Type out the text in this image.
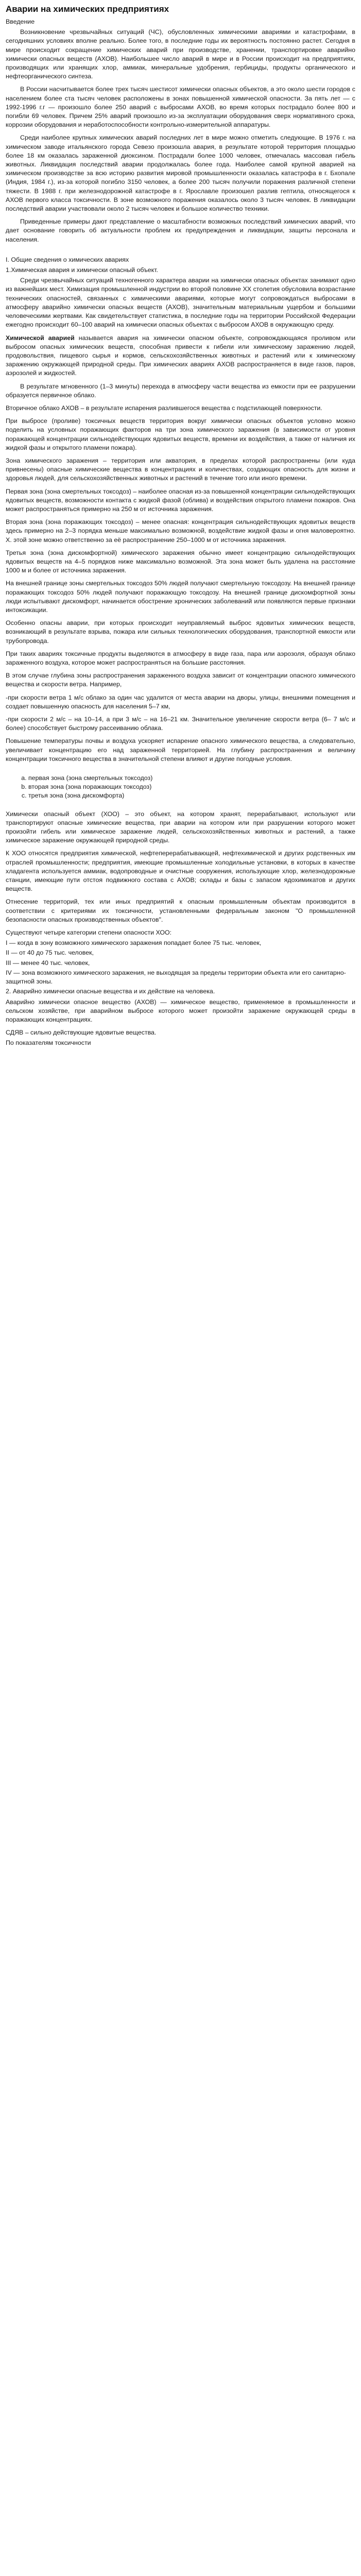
Аварии на химических предприятиях

Введение

Возникновение чрезвычайных ситуаций (ЧС), обусловленных химическими авариями и катастрофами, в сегодняшних условиях вполне реально. Более того, в последние годы их вероятность постоянно растет. Сегодня в мире происходит сокращение химических аварий при производстве, хранении, транспортировке аварийно химически опасных веществ (АХОВ). Наибольшее число аварий в мире и в России происходит на предприятиях, производящих или хранящих хлор, аммиак, минеральные удобрения, гербициды, продукты органического и нефтеорганического синтеза.

В России насчитывается более трех тысяч шестисот химически опасных объектов, а это около шести городов с населением более ста тысяч человек расположены в зонах повышенной химической опасности. За пять лет — с 1992-1996 г.г — произошло более 250 аварий с выбросами АХОВ, во время которых пострадало более 800 и погибли 69 человек. Причем 25% аварий произошло из-за эксплуатации оборудования сверх нормативного срока, коррозии оборудования и неработоспособности контрольно-измерительной аппаратуры.

Среди наиболее крупных химических аварий последних лет в мире можно отметить следующие. В 1976 г. на химическом заводе итальянского города Севезо произошла авария, в результате которой территория площадью более 18 км оказалась зараженной диоксином. Пострадали более 1000 человек, отмечалась массовая гибель животных. Ликвидация последствий аварии продолжалась более года. Наиболее самой крупной аварией на химическом производстве за всю историю развития мировой промышленности оказалась катастрофа в г. Бхопале (Индия, 1984 г.), из-за которой погибло 3150 человек, а более 200 тысяч получили поражения различной степени тяжести. В 1988 г. при железнодорожной катастрофе в г. Ярославле произошел разлив гептила, относящегося к АХОВ первого класса токсичности. В зоне возможного поражения оказалось около 3 тысяч человек. В ликвидации последствий аварии участвовали около 2 тысяч человек и большое количество техники.

Приведенные примеры дают представление о масштабности возможных последствий химических аварий, что дает основание говорить об актуальности проблем их предупреждения и ликвидации, защиты персонала и населения.

I. Общие сведения о химических авариях

1.Химическая авария и химически опасный объект.

Среди чрезвычайных ситуаций техногенного характера аварии на химически опасных объектах занимают одно из важнейших мест. Химизация промышленной индустрии во второй половине XX столетия обусловила возрастание технических опасностей, связанных с химическими авариями, которые могут сопровождаться выбросами в атмосферу аварийно химически опасных веществ (АХОВ), значительным материальным ущербом и большими человеческими жертвами. Как свидетельствует статистика, в последние годы на территории Российской Федерации ежегодно происходит 60–100 аварий на химически опасных объектах с выбросом АХОВ в окружающую среду.

Химической аварией называется авария на химически опасном объекте, сопровождающаяся проливом или выбросом опасных химических веществ, способная привести к гибели или химическому заражению людей, продовольствия, пищевого сырья и кормов, сельскохозяйственных животных и растений или к химическому заражению окружающей природной среды. При химических авариях АХОВ распространяется в виде газов, паров, аэрозолей и жидкостей.

В результате мгновенного (1–3 минуты) перехода в атмосферу части вещества из емкости при ее разрушении образуется первичное облако.

Вторичное облако АХОВ – в результате испарения разлившегося вещества с подстилающей поверхности.

При выбросе (проливе) токсичных веществ территория вокруг химически опасных объектов условно можно поделить на условных поражающих факторов на три зона химического заражения (в зависимости от уровня поражающей концентрации сильнодействующих ядовитых веществ, времени их воздействия, а также от наличия их жидкой фазы и открытого пламени пожара).

Зона химического заражения – территория или акватория, в пределах которой распространены (или куда привнесены) опасные химические вещества в концентрациях и количествах, создающих опасность для жизни и здоровья людей, для сельскохозяйственных животных и растений в течение того или иного времени.

Первая зона (зона смертельных токсодоз) – наиболее опасная из-за повышенной концентрации сильнодействующих ядовитых веществ, возможности контакта с жидкой фазой (облива) и воздействия открытого пламени пожаров. Она может распространяться примерно на 250 м от источника заражения.

Вторая зона (зона поражающих токсодоз) – менее опасная: концентрация сильнодействующих ядовитых веществ здесь примерно на 2–3 порядка меньше максимально возможной, воздействие жидкой фазы и огня маловероятно. Х. этой зоне можно ответственно за её распространение 250–1000 м от источника заражения.

Третья зона (зона дискомфортной) химического заражения обычно имеет концентрацию сильнодействующих ядовитых веществ на 4–5 порядков ниже максимально возможной. Эта зона может быть удалена на расстояние 1000 м и более от источника заражения.

На внешней границе зоны смертельных токсодоз 50% людей получают смертельную токсодозу. На внешней границе поражающих токсодоз 50% людей получают поражающую токсодозу. На внешней границе дискомфортной зоны люди испытывают дискомфорт, начинается обострение хронических заболеваний или появляются первые признаки интоксикации.

Особенно опасны аварии, при которых происходит неуправляемый выброс ядовитых химических веществ, возникающий в результате взрыва, пожара или сильных технологических оборудования, транспортной емкости или трубопровода.

При таких авариях токсичные продукты выделяются в атмосферу в виде газа, пара или аэрозоля, образуя облако зараженного воздуха, которое может распространяться на большие расстояния.

В этом случае глубина зоны распространения зараженного воздуха зависит от концентрации опасного химического вещества и скорости ветра. Например,

-при скорости ветра 1 м/с облако за один час удалится от места аварии на дворы, улицы, внешними помещения и создает повышенную опасность для населения 5–7 км,

-при скорости 2 м/с – на 10–14, а при 3 м/с – на 16–21 км. Значительное увеличение скорости ветра (6– 7 м/с и более) способствует быстрому рассеиванию облака.

Повышение температуры почвы и воздуха ускоряет испарение опасного химического вещества, а следовательно, увеличивает концентрацию его над зараженной территорией. На глубину распространения и величину концентрации токсичного вещества в значительной степени влияют и другие погодные условия.

a. первая зона (зона смертельных токсодоз)
b. вторая зона (зона поражающих токсодоз)
c. третья зона (зона дискомфорта)

Химически опасный объект (ХОО) – это объект, на котором хранят, перерабатывают, используют или транспортируют опасные химические вещества, при аварии на котором или при разрушении которого может произойти гибель или химическое заражение людей, сельскохозяйственных животных и растений, а также химическое заражение окружающей природной среды.

К ХОО относятся предприятия химической, нефтеперерабатывающей, нефтехимической и других родственных им отраслей промышленности; предприятия, имеющие промышленные холодильные установки, в которых в качестве хладагента используется аммиак, водопроводные и очистные сооружения, использующие хлор, железнодорожные станции, имеющие пути отстоя подвижного состава с АХОВ; склады и базы с запасом ядохимикатов и других веществ.

Отнесение территорий, тех или иных предприятий к опасным промышленным объектам производится в соответствии с критериями их токсичности, установленными федеральным законом "О промышленной безопасности опасных производственных объектов".

Существуют четыре категории степени опасности ХОО:

I — когда в зону возможного химического заражения попадает более 75 тыс. человек,

II — от 40 до 75 тыс. человек,

III — менее 40 тыс. человек,

IV — зона возможного химического заражения, не выходящая за пределы территории объекта или его санитарно-защитной зоны.

2. Аварийно химически опасные вещества и их действие на человека.

Аварийно химически опасное вещество (АХОВ) — химическое вещество, применяемое в промышленности и сельском хозяйстве, при аварийном выбросе которого может произойти заражение окружающей среды в поражающих концентрациях.

СДЯВ – сильно действующие ядовитые вещества.

По показателям токсичности
